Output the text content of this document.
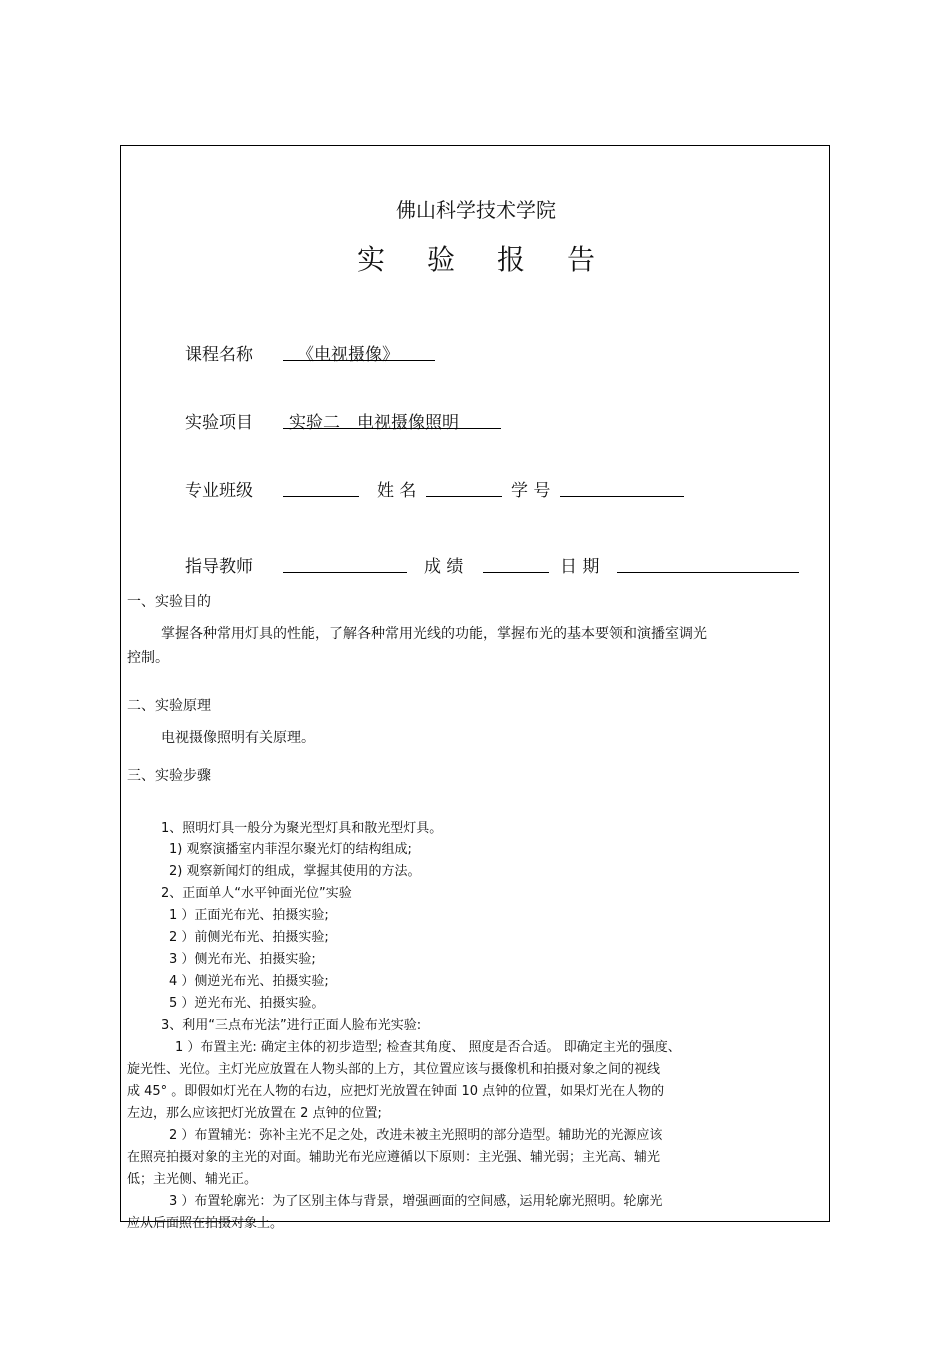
佛山科学技术学院
实验报告
课程名称	《电视摄像》
实验项目 实验二　电视摄像照明
专业班级	姓 名	学 号
指导教师	成 绩	日 期
一、实验目的
掌握各种常用灯具的性能，了解各种常用光线的功能，掌握布光的基本要领和演播室调光
控制。
二、实验原理
电视摄像照明有关原理。
三、实验步骤
1、照明灯具一般分为聚光型灯具和散光型灯具。
1) 观察演播室内菲涅尔聚光灯的结构组成;
2) 观察新闻灯的组成，掌握其使用的方法。
2、正面单人“水平钟面光位”实验
1 ）正面光布光、拍摄实验;
2 ）前侧光布光、拍摄实验;
3 ）侧光布光、拍摄实验;
4 ）侧逆光布光、拍摄实验;
5 ）逆光布光、拍摄实验。
3、利用“三点布光法”进行正面人脸布光实验:
1 ）布置主光: 确定主体的初步造型; 检查其角度、 照度是否合适。 即确定主光的强度、
旋光性、光位。主灯光应放置在人物头部的上方，其位置应该与摄像机和拍摄对象之间的视线
成 45° 。即假如灯光在人物的右边，应把灯光放置在钟面 10 点钟的位置，如果灯光在人物的
左边，那么应该把灯光放置在 2 点钟的位置;
2 ）布置辅光：弥补主光不足之处，改进未被主光照明的部分造型。辅助光的光源应该
在照亮拍摄对象的主光的对面。辅助光布光应遵循以下原则：主光强、辅光弱；主光高、辅光
低；主光侧、辅光正。
3 ）布置轮廓光：为了区别主体与背景，增强画面的空间感，运用轮廓光照明。轮廓光
应从后面照在拍摄对象上。
